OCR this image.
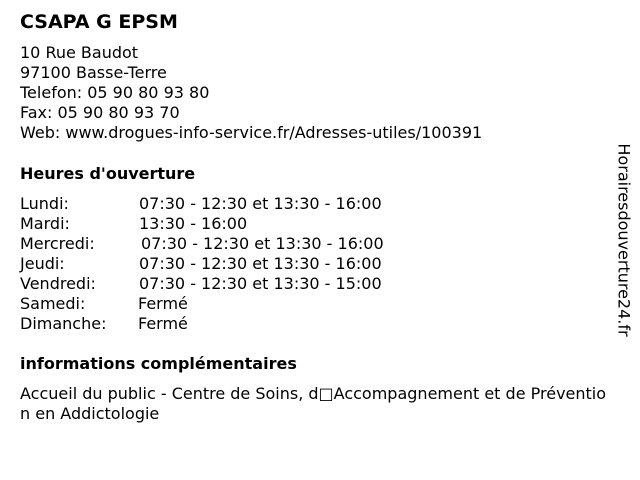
CSAPA G EPSM
10 Rue Baudot
97100 Basse-Terre
Telefon: 05 90 80 93 80
Fax: 05 90 80 93 70
Web: www.drogues-info-service.fr/Adresses-utiles/100391
Heures d'ouverture
Lundi:	07:30 - 12:30 et 13:30 - 16:00
Mardi:	13:30 - 16:00
Mercredi:	07:30 - 12:30 et 13:30 - 16:00
Jeudi:	07:30 - 12:30 et 13:30 - 16:00
Vendredi:	07:30 - 12:30 et 13:30 - 15:00
Samedi:	Fermé
Dimanche: Fermé
informations complémentaires
Accueil du public - Centre de Soins, d□Accompagnement et de Prévention en Addictologie
Horairesdouverture24.fr
